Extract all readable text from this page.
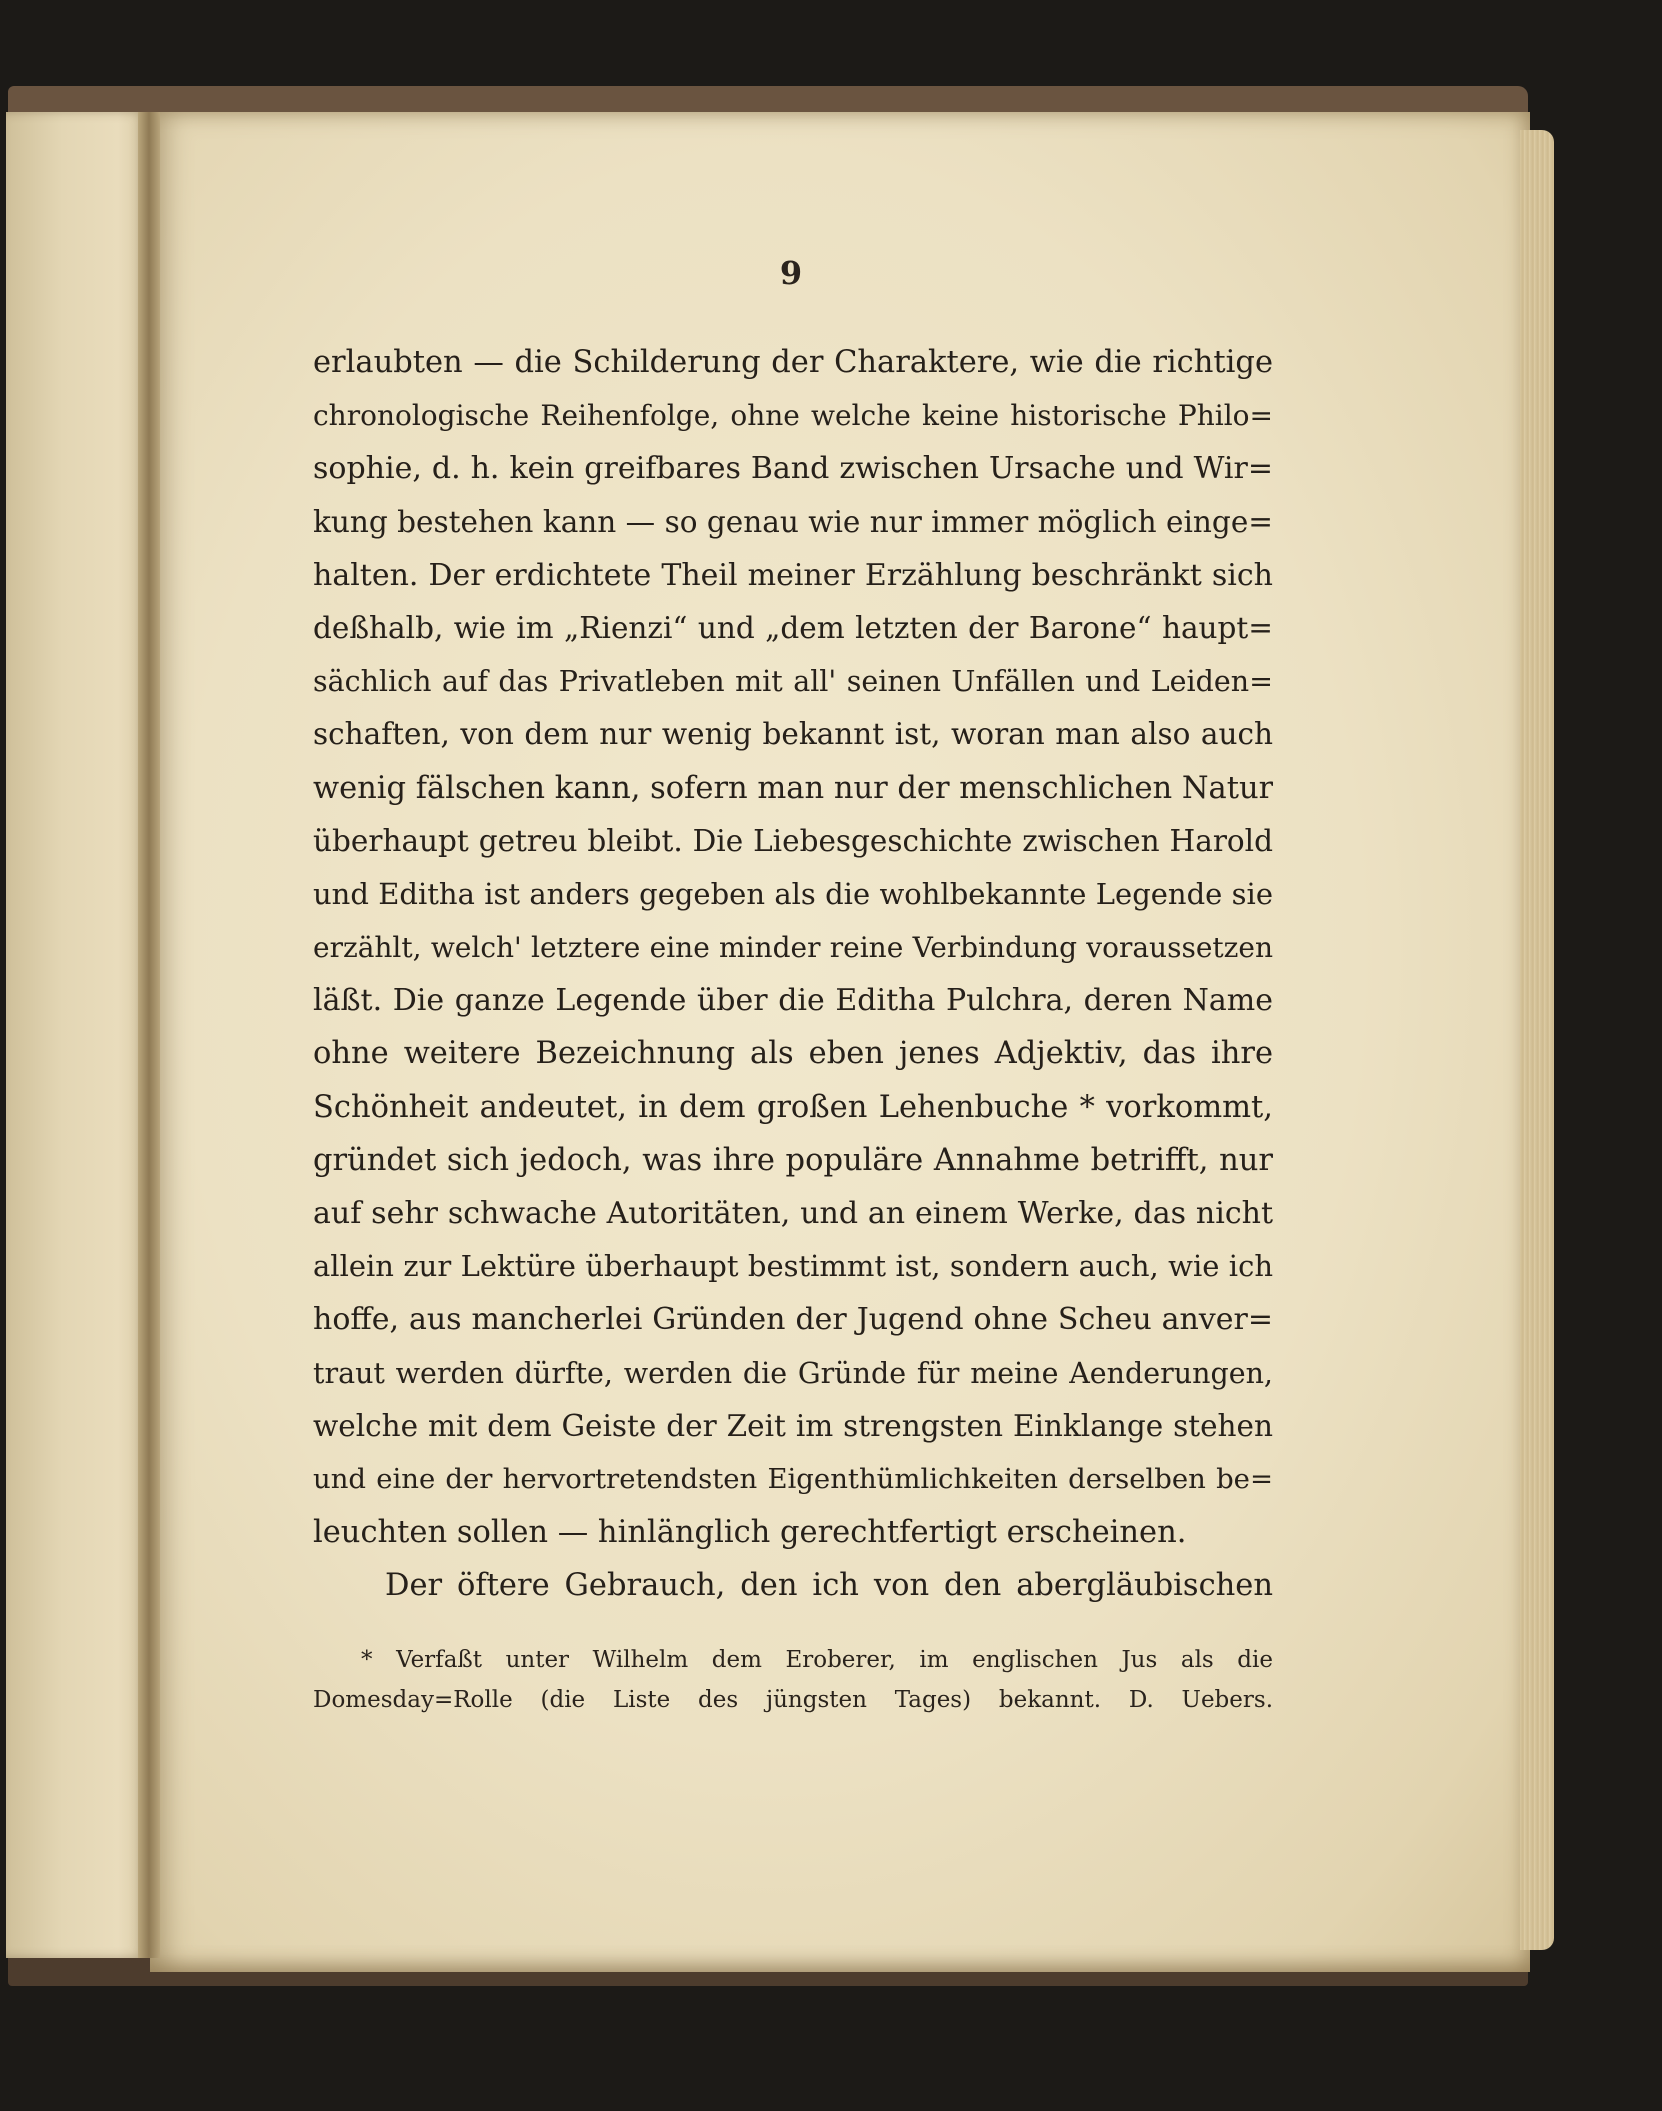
9
erlaubten — die Schilderung der Charaktere, wie die richtige
chronologische Reihenfolge, ohne welche keine historische Philo=
sophie, d. h. kein greifbares Band zwischen Ursache und Wir=
kung bestehen kann — so genau wie nur immer möglich einge=
halten. Der erdichtete Theil meiner Erzählung beschränkt sich
deßhalb, wie im „Rienzi“ und „dem letzten der Barone“ haupt=
sächlich auf das Privatleben mit all' seinen Unfällen und Leiden=
schaften, von dem nur wenig bekannt ist, woran man also auch
wenig fälschen kann, sofern man nur der menschlichen Natur
überhaupt getreu bleibt. Die Liebesgeschichte zwischen Harold
und Editha ist anders gegeben als die wohlbekannte Legende sie
erzählt, welch' letztere eine minder reine Verbindung voraussetzen
läßt. Die ganze Legende über die Editha Pulchra, deren Name
ohne weitere Bezeichnung als eben jenes Adjektiv, das ihre
Schönheit andeutet, in dem großen Lehenbuche * vorkommt,
gründet sich jedoch, was ihre populäre Annahme betrifft, nur
auf sehr schwache Autoritäten, und an einem Werke, das nicht
allein zur Lektüre überhaupt bestimmt ist, sondern auch, wie ich
hoffe, aus mancherlei Gründen der Jugend ohne Scheu anver=
traut werden dürfte, werden die Gründe für meine Aenderungen,
welche mit dem Geiste der Zeit im strengsten Einklange stehen
und eine der hervortretendsten Eigenthümlichkeiten derselben be=
leuchten sollen — hinlänglich gerechtfertigt erscheinen.
Der öftere Gebrauch, den ich von den abergläubischen
* Verfaßt unter Wilhelm dem Eroberer, im englischen Jus als die
Domesday=Rolle (die Liste des jüngsten Tages) bekannt. D. Uebers.
